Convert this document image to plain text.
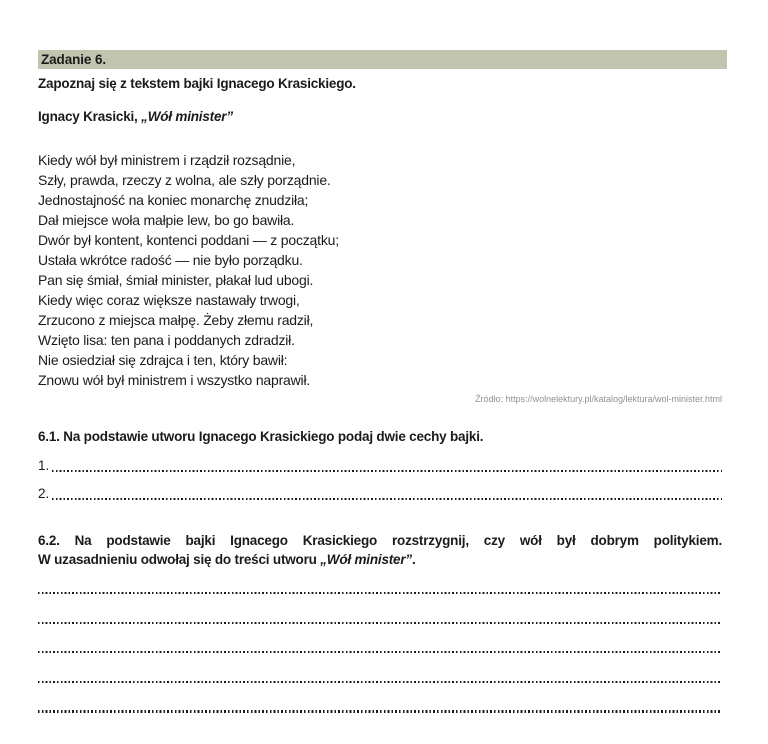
Zadanie 6.
Zapoznaj się z tekstem bajki Ignacego Krasickiego.
Ignacy Krasicki, „Wół minister”
Kiedy wół był ministrem i rządził rozsądnie,
Szły, prawda, rzeczy z wolna, ale szły porządnie.
Jednostajność na koniec monarchę znudziła;
Dał miejsce woła małpie lew, bo go bawiła.
Dwór był kontent, kontenci poddani — z początku;
Ustała wkrótce radość — nie było porządku.
Pan się śmiał, śmiał minister, płakał lud ubogi.
Kiedy więc coraz większe nastawały trwogi,
Zrzucono z miejsca małpę. Żeby złemu radził,
Wzięto lisa: ten pana i poddanych zdradził.
Nie osiedział się zdrajca i ten, który bawił:
Znowu wół był ministrem i wszystko naprawił.
Źródło: https://wolnelektury.pl/katalog/lektura/wol-minister.html
6.1. Na podstawie utworu Ignacego Krasickiego podaj dwie cechy bajki.
1.
2.
6.2. Na podstawie bajki Ignacego Krasickiego rozstrzygnij, czy wół był dobrym politykiem.
W uzasadnieniu odwołaj się do treści utworu „Wół minister”.
